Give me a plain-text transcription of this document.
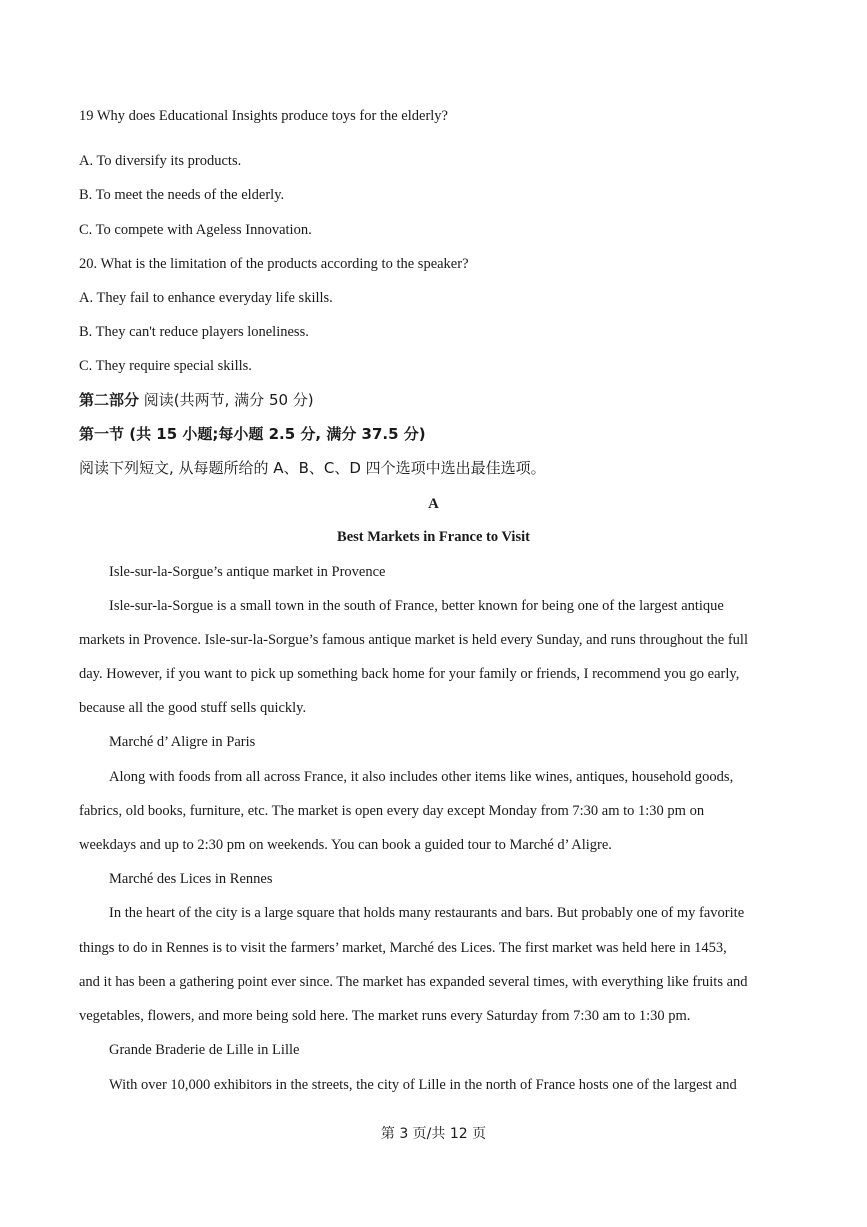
19 Why does Educational Insights produce toys for the elderly?
A. To diversify its products.
B. To meet the needs of the elderly.
C. To compete with Ageless Innovation.
20. What is the limitation of the products according to the speaker?
A. They fail to enhance everyday life skills.
B. They can't reduce players loneliness.
C. They require special skills.
第二部分 阅读(共两节, 满分 50 分)
第一节 (共 15 小题;每小题 2.5 分, 满分 37.5 分)
阅读下列短文, 从每题所给的 A、B、C、D 四个选项中选出最佳选项。
A
Best Markets in France to Visit
Isle-sur-la-Sorgue’s antique market in Provence
Isle-sur-la-Sorgue is a small town in the south of France, better known for being one of the largest antique
markets in Provence. Isle-sur-la-Sorgue’s famous antique market is held every Sunday, and runs throughout the full
day. However, if you want to pick up something back home for your family or friends, I recommend you go early,
because all the good stuff sells quickly.
Marché d’ Aligre in Paris
Along with foods from all across France, it also includes other items like wines, antiques, household goods,
fabrics, old books, furniture, etc. The market is open every day except Monday from 7:30 am to 1:30 pm on
weekdays and up to 2:30 pm on weekends. You can book a guided tour to Marché d’ Aligre.
Marché des Lices in Rennes
In the heart of the city is a large square that holds many restaurants and bars. But probably one of my favorite
things to do in Rennes is to visit the farmers’ market, Marché des Lices. The first market was held here in 1453,
and it has been a gathering point ever since. The market has expanded several times, with everything like fruits and
vegetables, flowers, and more being sold here. The market runs every Saturday from 7:30 am to 1:30 pm.
Grande Braderie de Lille in Lille
With over 10,000 exhibitors in the streets, the city of Lille in the north of France hosts one of the largest and
第 3 页/共 12 页
